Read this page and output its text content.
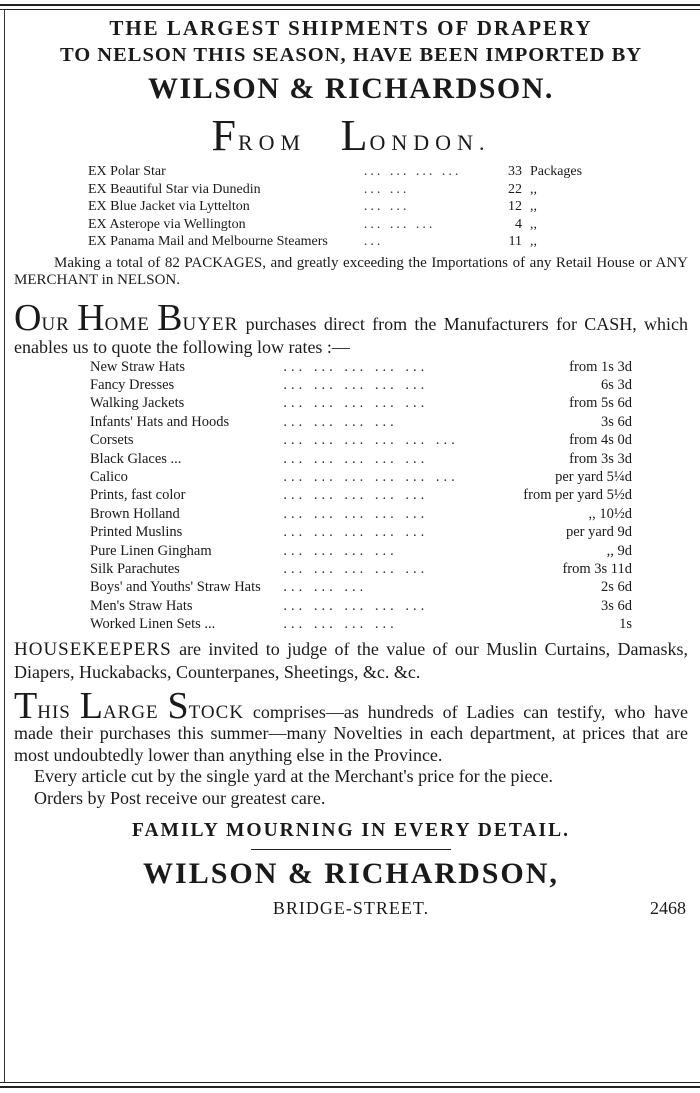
THE LARGEST SHIPMENTS OF DRAPERY
TO NELSON THIS SEASON, HAVE BEEN IMPORTED BY
WILSON & RICHARDSON.
FROM LONDON.
EX Polar Star	... ... ... ...	33	Packages
EX Beautiful Star via Dunedin	... ...	22	,,
EX Blue Jacket via Lyttelton	... ...	12	,,
EX Asterope via Wellington	... ... ...	4	,,
EX Panama Mail and Melbourne Steamers	...	11	,,
Making a total of 82 PACKAGES, and greatly exceeding the Importations of any Retail House or ANY MERCHANT in NELSON.
OUR HOME BUYER purchases direct from the Manufacturers for CASH, which enables us to quote the following low rates :—
New Straw Hats	... ... ... ... ...	from 1s 3d
Fancy Dresses	... ... ... ... ...	6s 3d
Walking Jackets	... ... ... ... ...	from 5s 6d
Infants' Hats and Hoods	... ... ... ...	3s 6d
Corsets	... ... ... ... ... ...	from 4s 0d
Black Glaces ...	... ... ... ... ...	from 3s 3d
Calico	... ... ... ... ... ...	per yard 5¼d
Prints, fast color	... ... ... ... ...	from per yard 5½d
Brown Holland	... ... ... ... ...	,, 10½d
Printed Muslins	... ... ... ... ...	per yard 9d
Pure Linen Gingham	... ... ... ...	,, 9d
Silk Parachutes	... ... ... ... ...	from 3s 11d
Boys' and Youths' Straw Hats	... ... ...	2s 6d
Men's Straw Hats	... ... ... ... ...	3s 6d
Worked Linen Sets ...	... ... ... ...	1s
HOUSEKEEPERS are invited to judge of the value of our Muslin Curtains, Damasks, Diapers, Huckabacks, Counterpanes, Sheetings, &c. &c.
THIS LARGE STOCK comprises—as hundreds of Ladies can testify, who have made their purchases this summer—many Novelties in each department, at prices that are most undoubtedly lower than anything else in the Province.
Every article cut by the single yard at the Merchant's price for the piece.
Orders by Post receive our greatest care.
FAMILY MOURNING IN EVERY DETAIL.
WILSON & RICHARDSON,
BRIDGE-STREET.	2468
